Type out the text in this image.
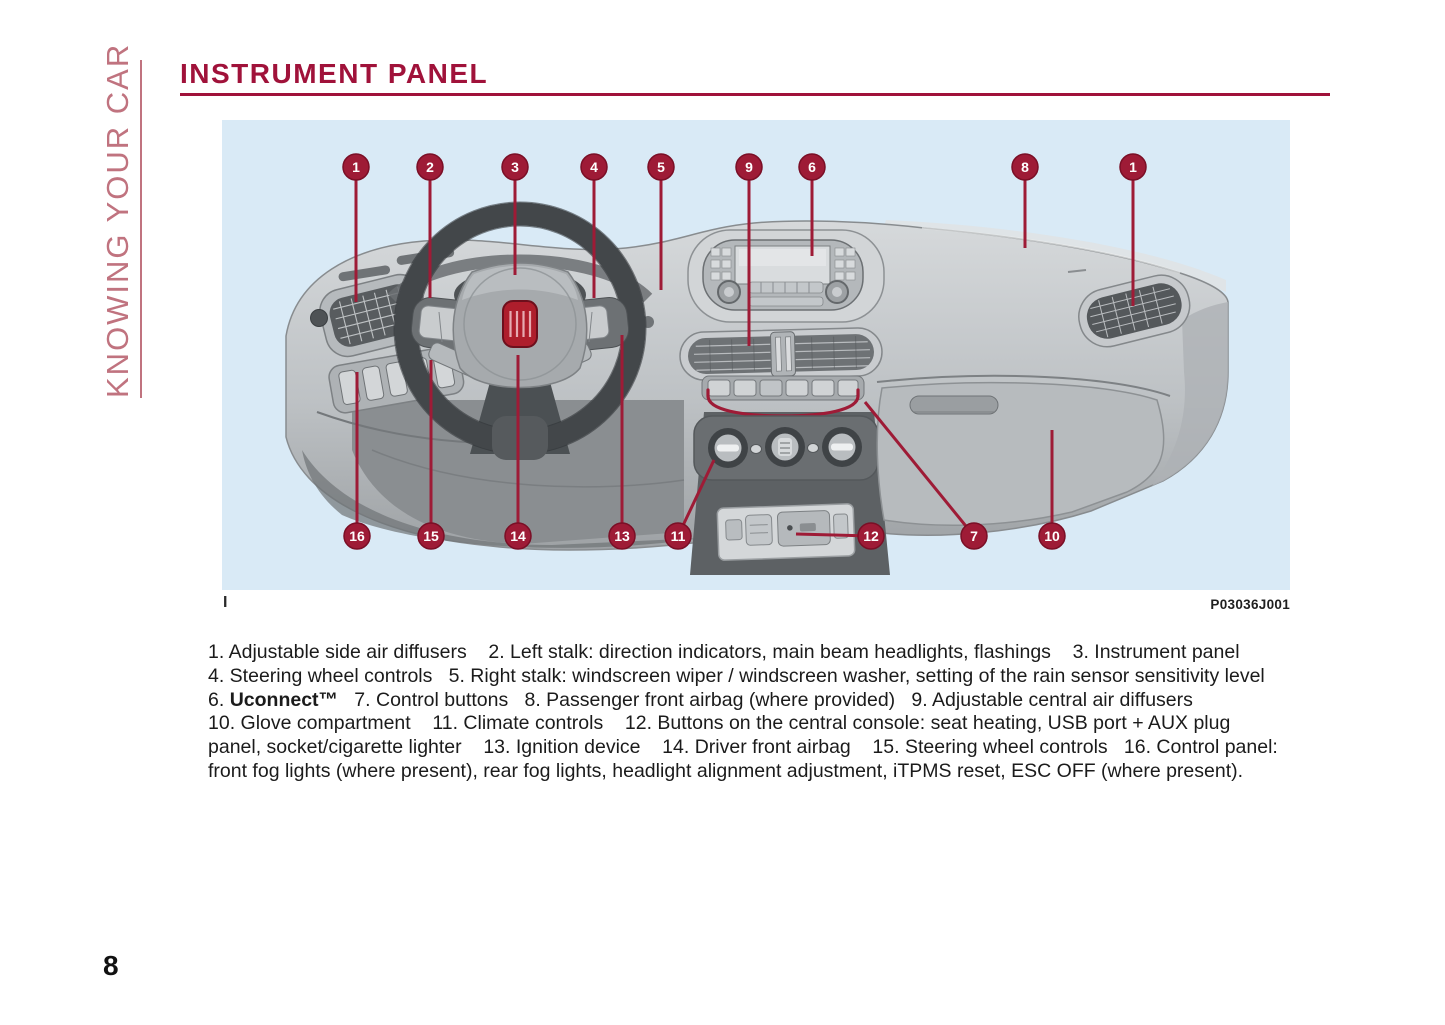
KNOWING YOUR CAR INSTRUMENT PANEL
1	2	3	4	5	9	6	8	1
16	15	14	13	11	12	7	10
I	P03036J001
1. Adjustable side air diffusers    2. Left stalk: direction indicators, main beam headlights, flashings    3. Instrument panel
4. Steering wheel controls   5. Right stalk: windscreen wiper / windscreen washer, setting of the rain sensor sensitivity level
6. Uconnect™   7. Control buttons   8. Passenger front airbag (where provided)   9. Adjustable central air diffusers
10. Glove compartment    11. Climate controls    12. Buttons on the central console: seat heating, USB port + AUX plug
panel, socket/cigarette lighter    13. Ignition device    14. Driver front airbag    15. Steering wheel controls   16. Control panel:
front fog lights (where present), rear fog lights, headlight alignment adjustment, iTPMS reset, ESC OFF (where present).
8
